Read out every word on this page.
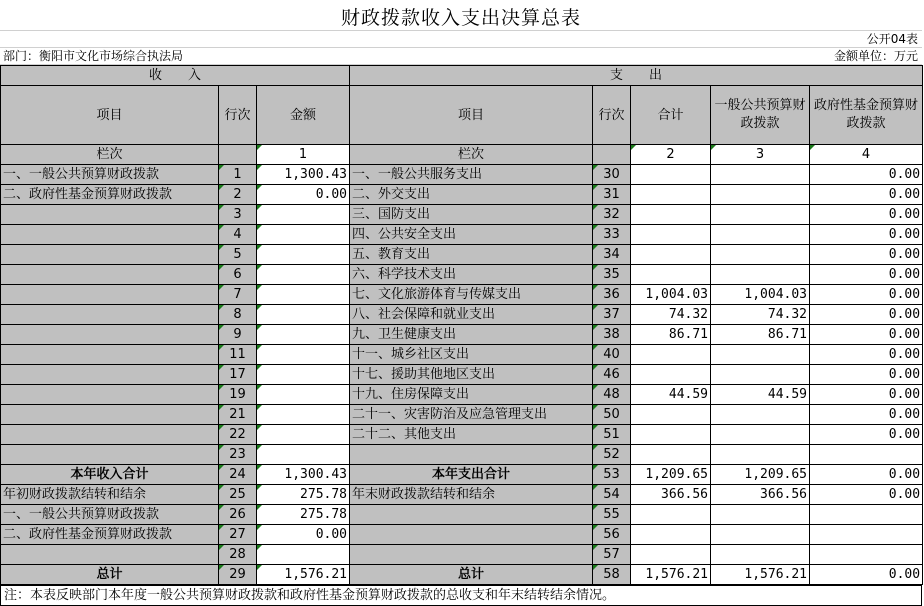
财政拨款收入支出决算总表
公开04表
部门：衡阳市文化市场综合执法局	金额单位：万元
收　　入			支　　出				
项目	行次	金额	项目	行次	合计	一般公共预算财政拨款	政府性基金预算财政拨款
栏次		1	栏次		2	3	4
一、一般公共预算财政拨款	1	1,300.43	一、一般公共服务支出	30			0.00
二、政府性基金预算财政拨款	2	0.00	二、外交支出	31			0.00
	3		三、国防支出	32			0.00
	4		四、公共安全支出	33			0.00
	5		五、教育支出	34			0.00
	6		六、科学技术支出	35			0.00
	7		七、文化旅游体育与传媒支出	36	1,004.03	1,004.03	0.00
	8		八、社会保障和就业支出	37	74.32	74.32	0.00
	9		九、卫生健康支出	38	86.71	86.71	0.00
	11		十一、城乡社区支出	40			0.00
	17		十七、援助其他地区支出	46			0.00
	19		十九、住房保障支出	48	44.59	44.59	0.00
	21		二十一、灾害防治及应急管理支出	50			0.00
	22		二十二、其他支出	51			0.00
	23			52			
本年收入合计	24	1,300.43	本年支出合计	53	1,209.65	1,209.65	0.00
年初财政拨款结转和结余	25	275.78	年末财政拨款结转和结余	54	366.56	366.56	0.00
一、一般公共预算财政拨款	26	275.78		55			
二、政府性基金预算财政拨款	27	0.00		56			
	28			57			
总计	29	1,576.21	总计	58	1,576.21	1,576.21	0.00
注：本表反映部门本年度一般公共预算财政拨款和政府性基金预算财政拨款的总收支和年末结转结余情况。
